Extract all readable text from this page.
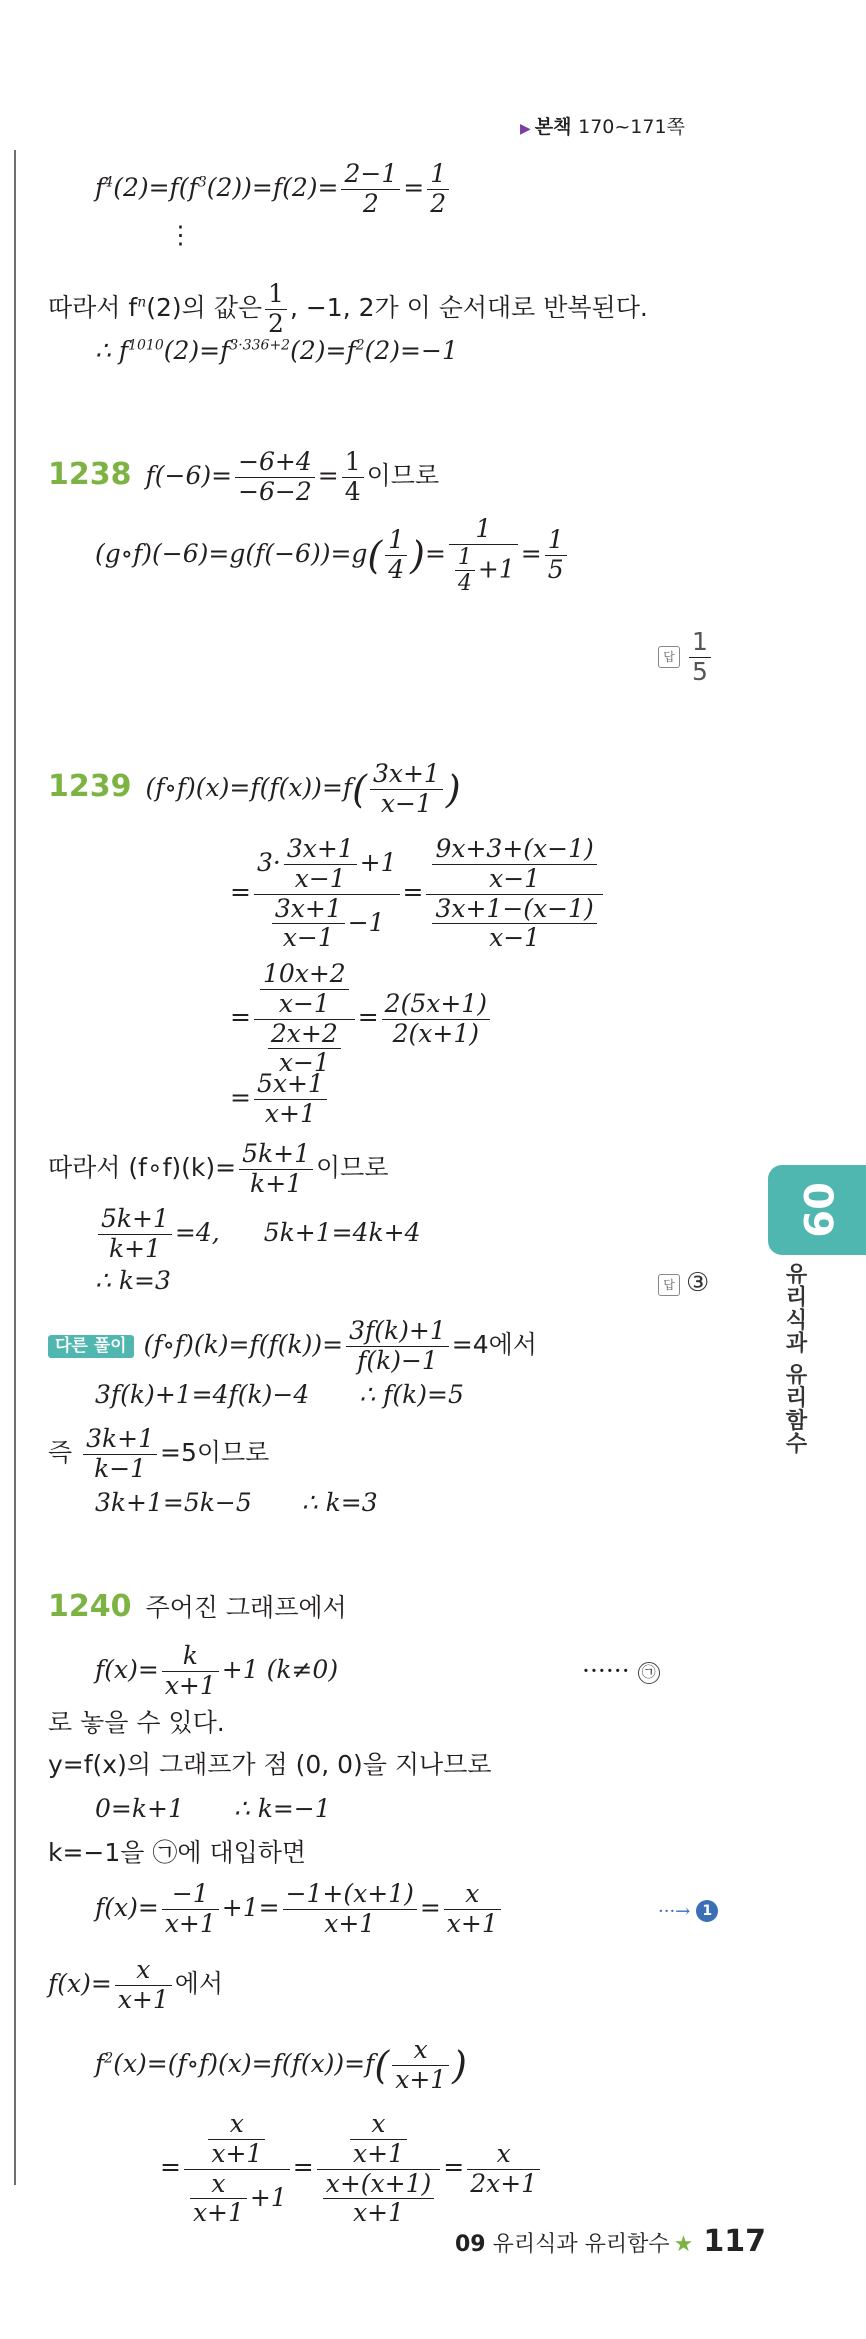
▶ 본책 170~171쪽
$f^4(2)=f(f^3(2))=f(2)= \frac{2-1}{2} = \frac{1}{2}$
⋮
따라서 $f^n(2)$의 값은 $\frac{1}{2}$ , −1, 2가 이 순서대로 반복된다.
∴ $f^{1010}(2)=f^{3\cdot 336+2}(2)=f^2(2)=-1$
1238 $f(-6)= \frac{-6+4}{-6-2} = \frac{1}{4}$ 이므로
(g∘f)(−6)=g(f(−6))=g( $\frac{1}{4}$ )= $\frac{1}{\frac{1}{4} +1} = \frac{1}{5}$
답 $\frac{1}{5}$
1239 (f∘f)(x)=f(f(x))=f( $\frac{3x+1}{x-1}$ )
= $\frac{3\cdot \frac{3x+1}{x-1} +1}{\frac{3x+1}{x-1} -1} = \frac{\frac{9x+3+(x-1)}{x-1}}{\frac{3x+1-(x-1)}{x-1}}$
= $\frac{\frac{10x+2}{x-1}}{\frac{2x+2}{x-1}} = \frac{2(5x+1)}{2(x+1)}$
= $\frac{5x+1}{x+1}$
따라서 (f∘f)(k)= $\frac{5k+1}{k+1}$ 이므로
$\frac{5k+1}{k+1} =4$, 5k+1=4k+4
∴ k=3	답 ③
다른 풀이 (f∘f)(k)=f(f(k))= $\frac{3f(k)+1}{f(k)-1} =4$에서
3f(k)+1=4f(k)−4 ∴ f(k)=5
즉 $\frac{3k+1}{k-1} =5$이므로
3k+1=5k−5 ∴ k=3
1240 주어진 그래프에서
$f(x)= \frac{k}{x+1} +1$ (k≠0)	······ ㉠
로 놓을 수 있다.
y=f(x)의 그래프가 점 (0, 0)을 지나므로
0=k+1 ∴ k=−1
k=−1을 ㉠에 대입하면
$f(x)= \frac{-1}{x+1} +1= \frac{-1+(x+1)}{x+1} = \frac{x}{x+1}$	···→ 1
$f(x)= \frac{x}{x+1}$ 에서
$f^2(x)=(f\circ f)(x)=f(f(x))=f( \frac{x}{x+1}$ )
= $\frac{\frac{x}{x+1}}{\frac{x}{x+1} +1} = \frac{\frac{x}{x+1}}{\frac{x+(x+1)}{x+1}} = \frac{x}{2x+1}$
09
유리식과 유리함수
09 유리식과 유리함수 ★ 117
